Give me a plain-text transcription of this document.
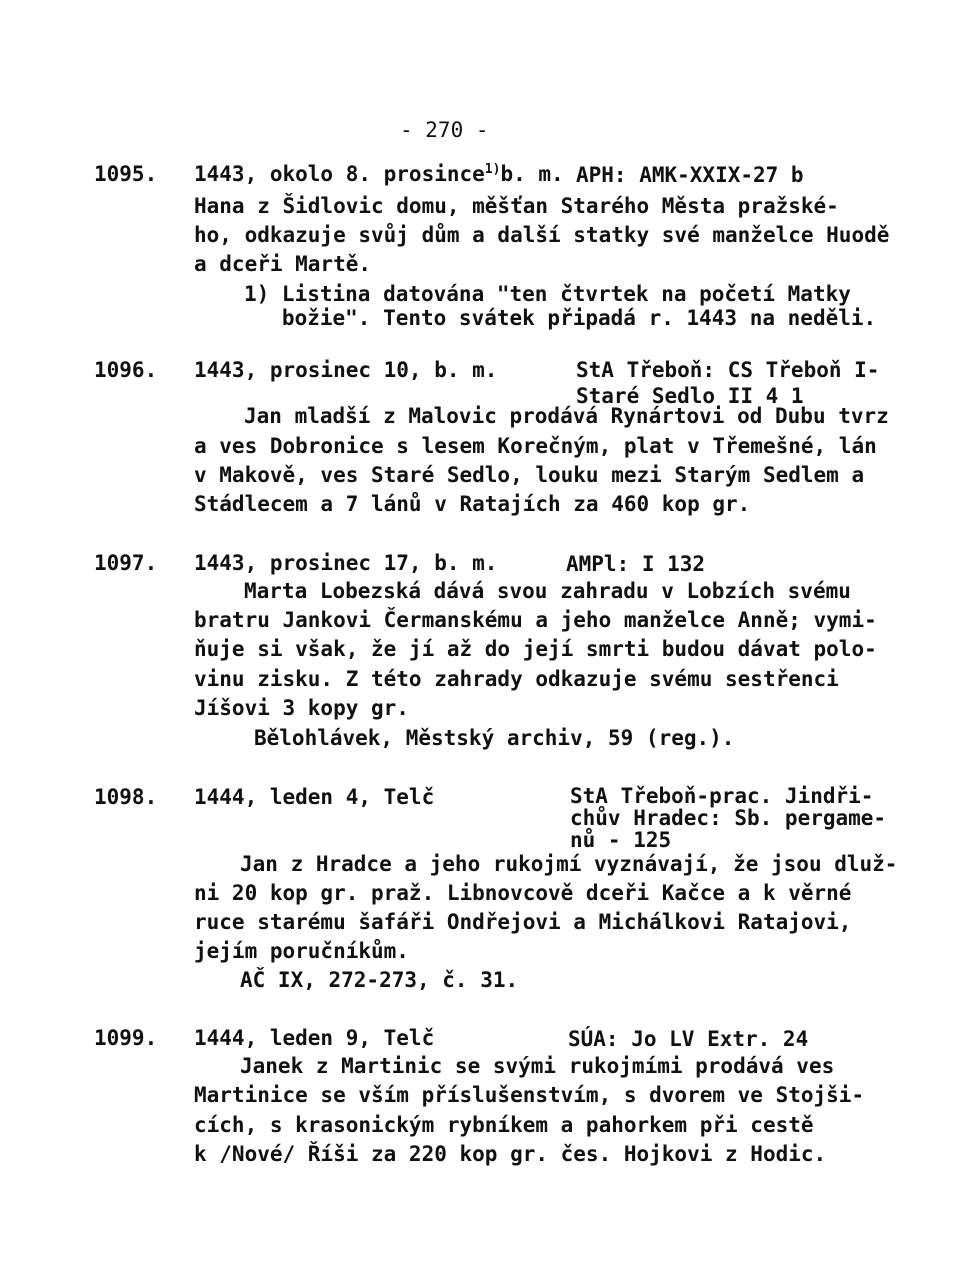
- 270 -
1095. 1443, okolo 8. prosince$^{1)}$b. m. APH: AMK-XXIX-27 b
Hana z Šidlovic domu, měšťan Starého Města pražské-
ho, odkazuje svůj dům a další statky své manželce Huodě
a dceři Martě.
1) Listina datována "ten čtvrtek na početí Matky
božie". Tento svátek připadá r. 1443 na neděli.
1096. 1443, prosinec 10, b. m.	StA Třeboň: CS Třeboň I-
Staré Sedlo II 4 1
Jan mladší z Malovic prodává Rynártovi od Dubu tvrz
a ves Dobronice s lesem Korečným, plat v Třemešné, lán
v Makově, ves Staré Sedlo, louku mezi Starým Sedlem a
Stádlecem a 7 lánů v Ratajích za 460 kop gr.
1097. 1443, prosinec 17, b. m.	AMPl: I 132
Marta Lobezská dává svou zahradu v Lobzích svému
bratru Jankovi Čermanskému a jeho manželce Anně; vymi-
ňuje si však, že jí až do její smrti budou dávat polo-
vinu zisku. Z této zahrady odkazuje svému sestřenci
Jíšovi 3 kopy gr.
Bělohlávek, Městský archiv, 59 (reg.).
1098. 1444, leden 4, Telč	StA Třeboň-prac. Jindři-
chův Hradec: Sb. pergame-
nů - 125
Jan z Hradce a jeho rukojmí vyznávají, že jsou dluž-
ni 20 kop gr. praž. Libnovcově dceři Kačce a k věrné
ruce starému šafáři Ondřejovi a Michálkovi Ratajovi,
jejím poručníkům.
AČ IX, 272-273, č. 31.
1099. 1444, leden 9, Telč	SÚA: Jo LV Extr. 24
Janek z Martinic se svými rukojmími prodává ves
Martinice se vším příslušenstvím, s dvorem ve Stojši-
cích, s krasonickým rybníkem a pahorkem při cestě
k /Nové/ Říši za 220 kop gr. čes. Hojkovi z Hodic.
